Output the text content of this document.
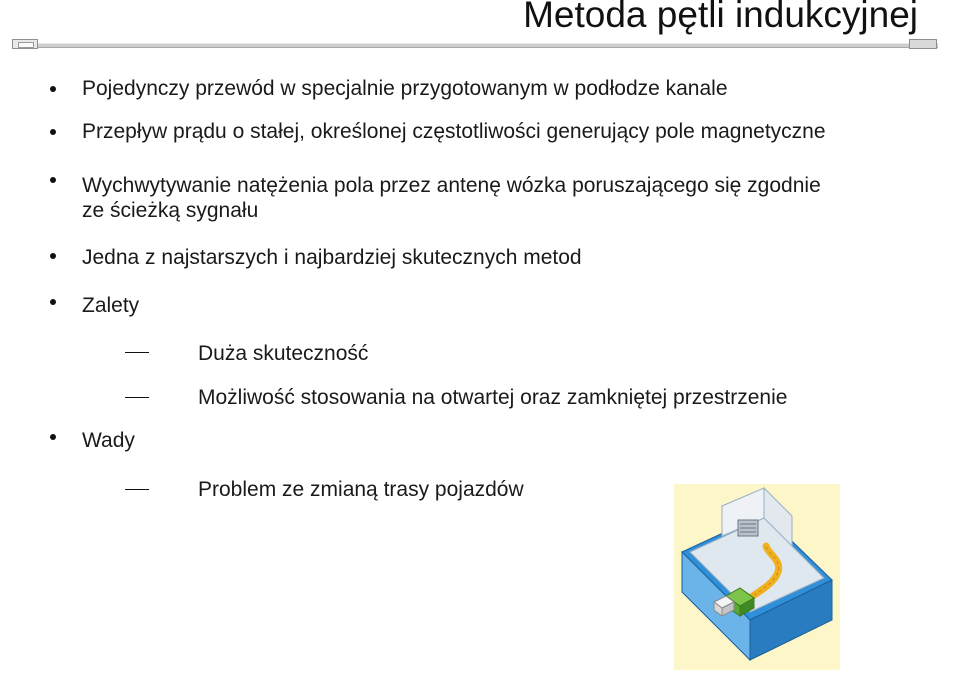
Metoda pętli indukcyjnej
Pojedynczy przewód w specjalnie przygotowanym w podłodze kanale
Przepływ prądu o stałej, określonej częstotliwości generujący pole magnetyczne
Wychwytywanie natężenia pola przez antenę wózka poruszającego się zgodnie
ze ścieżką sygnału
Jedna z najstarszych i najbardziej skutecznych metod
Zalety
Duża skuteczność
Możliwość stosowania na otwartej oraz zamkniętej przestrzenie
Wady
Problem ze zmianą trasy pojazdów
